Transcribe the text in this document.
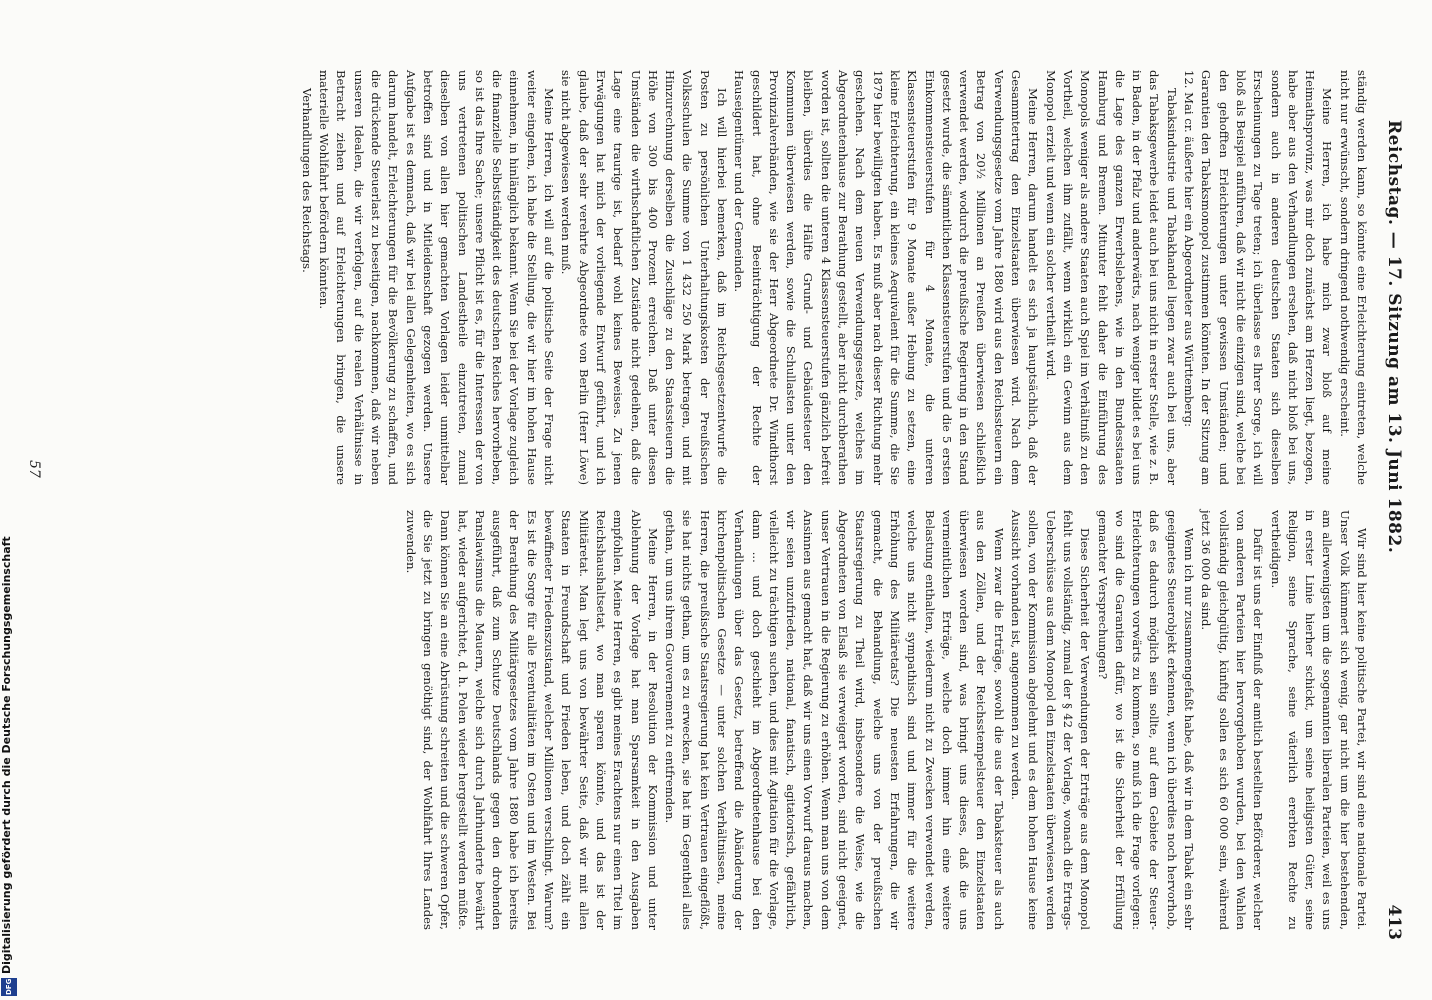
Reichstag. — 17. Sitzung am 13. Juni 1882.
413

ständig werden kann, so könnte eine Erleichterung eintreten, welche nicht nur erwünscht, sondern dringend nothwendig erscheint.

Meine Herren, ich habe mich zwar bloß auf meine Heimathsprovinz, was mir doch zunächst am Herzen liegt, bezogen, habe aber aus den Verhandlungen ersehen, daß nicht bloß bei uns, sondern auch in anderen deutschen Staaten sich dieselben Erscheinungen zu Tage treten; ich überlasse es Ihrer Sorge, ich will bloß als Beispiel anführen, daß wir nicht die einzigen sind, welche bei den gehofften Erleichterungen unter gewissen Umständen; und Garantien den Tabaksmonopol zustimmen könnten. In der Sitzung am 12. Mai cr. äußerte hier ein Abgeordneter aus Württemberg:

Tabaksindustrie und Tabakhandel liegen zwar auch bei uns, aber das Tabaksgewerbe leidet auch bei uns nicht in erster Stelle, wie z. B. in Baden, in der Pfalz und anderwärts, nach weniger bildet es bei uns die Lage des ganzen Erwerbslebens, wie in den Bundesstaaten Hamburg und Bremen. Mitunter fehlt daher die Einführung des Monopols weniger als andere Staaten auch Spiel im Verhältniß zu den Vortheil, welchen ihm zufällt, wenn wirklich ein Gewinn aus dem Monopol erzielt und wenn ein solcher vertheilt wird.

Meine Herren, darum handelt es sich ja hauptsächlich, daß der Gesammtertrag den Einzelstaaten überwiesen wird. Nach dem Verwendungsgesetze vom Jahre 1880 wird aus den Reichssteuern ein Betrag von 20½ Millionen an Preußen überwiesen schließlich verwendet werden, wodurch die preußische Regierung in den Stand gesetzt wurde, die sämmtlichen Klassensteuerstufen und die 5 ersten Einkommensteuerstufen für 4 Monate, die unteren Klassensteuerstufen für 9 Monate außer Hebung zu setzen, eine kleine Erleichterung, ein kleines Aequivalent für die Summe, die Sie 1879 hier bewilligten haben. Es muß aber nach dieser Richtung mehr geschehen. Nach dem neuen Verwendungsgesetze, welches im Abgeordnetenhause zur Berathung gestellt, aber nicht durchberathen worden ist, sollten die unteren 4 Klassensteuerstufen gänzlich befreit bleiben, überdies die Hälfte Grund- und Gebäudesteuer den Kommunen überwiesen werden, sowie die Schullasten unter den Provinzialverbänden, wie sie der Herr Abgeordnete Dr. Windthorst geschildert hat, ohne Beeinträchtigung der Rechte der Hauseigentümer und der Gemeinden.

Ich will hierbei bemerken, daß im Reichsgesetzentwurfe die Posten zu persönlichen Unterhaltungskosten der Preußischen Volksschulen die Summe von 1 432 250 Mark betragen, und mit Hinzurechnung derselben die Zuschläge zu den Staatssteuern die Höhe von 300 bis 400 Prozent erreichen. Daß unter diesen Umständen die wirthschaftlichen Zustände nicht gedeihen, daß die Lage eine traurige ist, bedarf wohl keines Beweises. Zu jenen Erwägungen hat mich der vorliegende Entwurf geführt, und ich glaube, daß der sehr verehrte Abgeordnete von Berlin (Herr Löwe) sie nicht abgewiesen werden muß.

Meine Herren, ich will auf die politische Seite der Frage nicht weiter eingehen, ich habe die Stellung, die wir hier im hohen Hause einnehmen, in hinlänglich bekannt. Wenn Sie bei der Vorlage zugleich die finanzielle Selbstständigkeit des deutschen Reiches hervorheben, so ist das Ihre Sache; unsere Pflicht ist es, für die Interessen der von uns vertretenen politischen Landestheile einzutreten, zumal dieselben von allen hier gemachten Vorlagen leider unmittelbar betroffen sind und in Mitleidenschaft gezogen werden. Unsere Aufgabe ist es demnach, daß wir bei allen Gelegenheiten, wo es sich darum handelt, Erleichterungen für die Bevölkerung zu schaffen, und die drückende Steuerlast zu beseitigen, nachkommen, daß wir neben unseren Idealen, die wir verfolgen, auf die realen Verhältnisse in Betracht ziehen und auf Erleichterungen bringen, die unsere materielle Wohlfahrt befördern könnten.

Verhandlungen des Reichstags.

Wir sind hier keine politische Partei, wir sind eine nationale Partei. Unser Volk kümmert sich wenig, gar nicht um die hier bestehenden, am allerwenigsten um die sogenannten liberalen Parteien, weil es uns in erster Linie hierher schickt, um seine heiligsten Güter, seine Religion, seine Sprache, seine väterlich ererbten Rechte zu vertheidigen.

Dafür ist uns der Einfluß der amtlich bestellten Beförderer, welcher von anderen Parteien hier hervorgehoben wurden, bei den Wahlen vollständig gleichgültig, künftig sollen es sich 60 000 sein, während jetzt 36 000 da sind.

Wenn ich nur zusammengefaßt habe, daß wir in dem Tabak ein sehr geeignetes Steuerobjekt erkennen, wenn ich überdies noch hervorhob, daß es dadurch möglich sein sollte, auf dem Gebiete der Steuer-Erleichterungen vorwärts zu kommen, so muß ich die Frage vorlegen: wo sind die Garantien dafür, wo ist die Sicherheit der Erfüllung gemachter Versprechungen?

Diese Sicherheit der Verwendungen der Erträge aus dem Monopol fehlt uns vollständig, zumal der § 42 der Vorlage, wonach die Ertrags-Ueberschüsse aus dem Monopol den Einzelstaaten überwiesen werden sollen, von der Kommission abgelehnt und es dem hohen Hause keine Aussicht vorhanden ist, angenommen zu werden.

Wenn zwar die Erträge, sowohl die aus der Tabaksteuer als auch aus den Zöllen, und der Reichsstempelsteuer den Einzelstaaten überwiesen worden sind, was bringt uns dieses, daß die uns vermeintlichen Erträge, welche doch immer hin eine weitere Belastung enthalten, wiederum nicht zu Zwecken verwendet werden, welche uns nicht sympathisch sind und immer für die weitere Erhöhung des Militäretats? Die neuesten Erfahrungen, die wir gemacht, die Behandlung, welche uns von der preußischen Staatsregierung zu Theil wird, insbesondere die Weise, wie die Abgeordneten von Elsaß sie verweigert worden, sind nicht geeignet, unser Vertrauen in die Regierung zu erhöhen. Wenn man uns von dem Ansinnen aus gemacht hat, daß wir uns einen Vorwurf daraus machen, wir seien unzufrieden, national, fanatisch, agitatorisch, gefährlich, vielleicht zu trächtigen suchen, und dies mit Agitation für die Vorlage, dann ... und doch geschieht im Abgeordnetenhause bei den Verhandlungen über das Gesetz, betreffend die Abänderung der kirchenpolitischen Gesetze — unter solchen Verhältnissen, meine Herren, die preußische Staatsregierung hat kein Vertrauen eingeflößt, sie hat nichts gethan, um es zu erwecken, sie hat im Gegentheil alles gethan, um uns ihrem Gouvernement zu entfremden.

Meine Herren, in der Resolution der Kommission und unter Ablehnung der Vorlage hat man Sparsamkeit in den Ausgaben empfohlen. Meine Herren, es gibt meines Erachtens nur einen Titel im Reichshaushaltsetat, wo man sparen könnte, und das ist der Militäretat. Man legt uns von bewährter Seite, daß wir mit allen Staaten in Freundschaft und Frieden leben, und doch zählt ein bewaffneter Friedenszustand, welcher Millionen verschlingt. Warum? Es ist die Sorge für alle Eventualitäten im Osten und im Westen. Bei der Berathung des Militärgesetzes vom Jahre 1880 habe ich bereits ausgeführt, daß zum Schutze Deutschlands gegen den drohenden Panslawismus die Mauern, welche sich durch Jahrhunderte bewährt hat, wieder aufgerichtet, d. h. Polen wieder hergestellt werden müßte. Dann können Sie an eine Abrüstung schreiten und die schweren Opfer, die Sie jetzt zu bringen genöthigt sind, der Wohlfahrt Ihres Landes zuwenden.

57
Digitalisierung gefördert durch die Deutsche Forschungsgemeinschaft
DFG
